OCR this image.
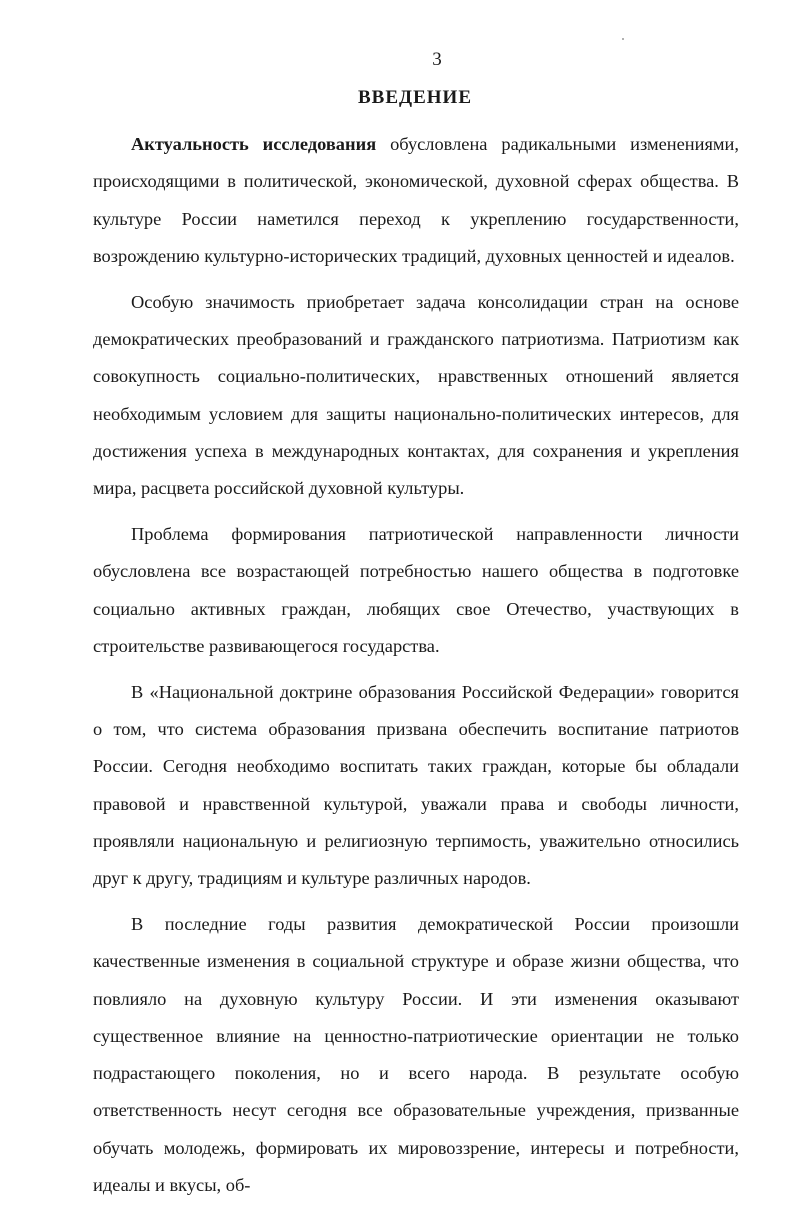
3

ВВЕДЕНИЕ

Актуальность исследования обусловлена радикальными изменениями, происходящими в политической, экономической, духовной сферах общества. В культуре России наметился переход к укреплению государственности, возрождению культурно-исторических традиций, духовных ценностей и идеалов.

Особую значимость приобретает задача консолидации стран на основе демократических преобразований и гражданского патриотизма. Патриотизм как совокупность социально-политических, нравственных отношений является необходимым условием для защиты национально-политических интересов, для достижения успеха в международных контактах, для сохранения и укрепления мира, расцвета российской духовной культуры.

Проблема формирования патриотической направленности личности обусловлена все возрастающей потребностью нашего общества в подготовке социально активных граждан, любящих свое Отечество, участвующих в строительстве развивающегося государства.

В «Национальной доктрине образования Российской Федерации» говорится о том, что система образования призвана обеспечить воспитание патриотов России. Сегодня необходимо воспитать таких граждан, которые бы обладали правовой и нравственной культурой, уважали права и свободы личности, проявляли национальную и религиозную терпимость, уважительно относились друг к другу, традициям и культуре различных народов.

В последние годы развития демократической России произошли качественные изменения в социальной структуре и образе жизни общества, что повлияло на духовную культуру России. И эти изменения оказывают существенное влияние на ценностно-патриотические ориентации не только подрастающего поколения, но и всего народа. В результате особую ответственность несут сегодня все образовательные учреждения, призванные обучать молодежь, формировать их мировоззрение, интересы и потребности, идеалы и вкусы, об-
